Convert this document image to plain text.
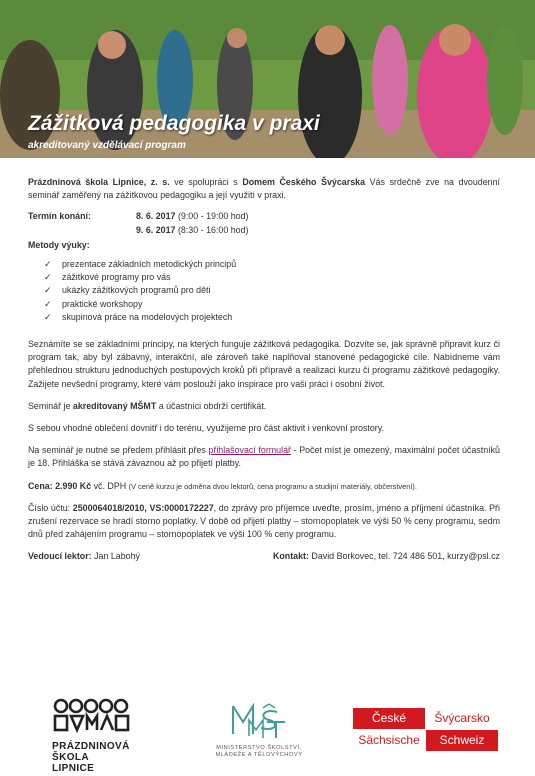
Zážitková pedagogika v praxi
akreditovaný vzdělávací program

Prázdninová škola Lipnice, z. s. ve spolupráci s Domem Českého Švýcarska Vás srdečně zve na dvoudenní seminář zaměřený na zážitkovou pedagogiku a její využití v praxi.

Termín konání:	8. 6. 2017 (9:00 - 19:00 hod)
9. 6. 2017 (8:30 - 16:00 hod)

Metody výuky:

✓	prezentace základních metodických principů
✓	zážitkové programy pro vás
✓	ukázky zážitkových programů pro děti
✓	praktické workshopy
✓	skupinová práce na modelových projektech

Seznámíte se se základními principy, na kterých funguje zážitková pedagogika. Dozvíte se, jak správně připravit kurz či program tak, aby byl zábavný, interakční, ale zároveň také naplňoval stanovené pedagogické cíle. Nabídneme vám přehlednou strukturu jednoduchých postupových kroků při přípravě a realizaci kurzu či programu zážitkové pedagogiky. Zažijete nevšední programy, které vám poslouží jako inspirace pro vaši práci i osobní život.

Seminář je akreditovaný MŠMT a účastníci obdrží certifikát.

S sebou vhodné oblečení dovnitř i do terénu, využijeme pro část aktivit i venkovní prostory.

Na seminář je nutné se předem přihlásit přes přihlašovací formulář - Počet míst je omezený, maximální počet účastníků je 18. Přihláška se stává závaznou až po přijetí platby.

Cena: 2.990 Kč vč. DPH (V ceně kurzu je odměna dvou lektorů, cena programu a studijní materiály, občerstvení).

Číslo účtu: 2500064018/2010, VS:0000172227, do zprávy pro příjemce uveďte, prosím, jméno a příjmení účastníka. Při zrušení rezervace se hradí storno poplatky. V době od přijetí platby – stornopoplatek ve výši 50 % ceny programu, sedm dnů před zahájením programu – stornopoplatek ve výši 100 % ceny programu.

Vedoucí lektor: Jan Labohý	Kontakt: David Borkovec, tel. 724 486 501, kurzy@psl.cz
PRÁZDNINOVÁ
ŠKOLA LIPNICE
MINISTERSTVO ŠKOLSTVÍ,
MLÁDEŽE A TĚLOVÝCHOVY
České	Švýcarsko
Sächsische	Schweiz
